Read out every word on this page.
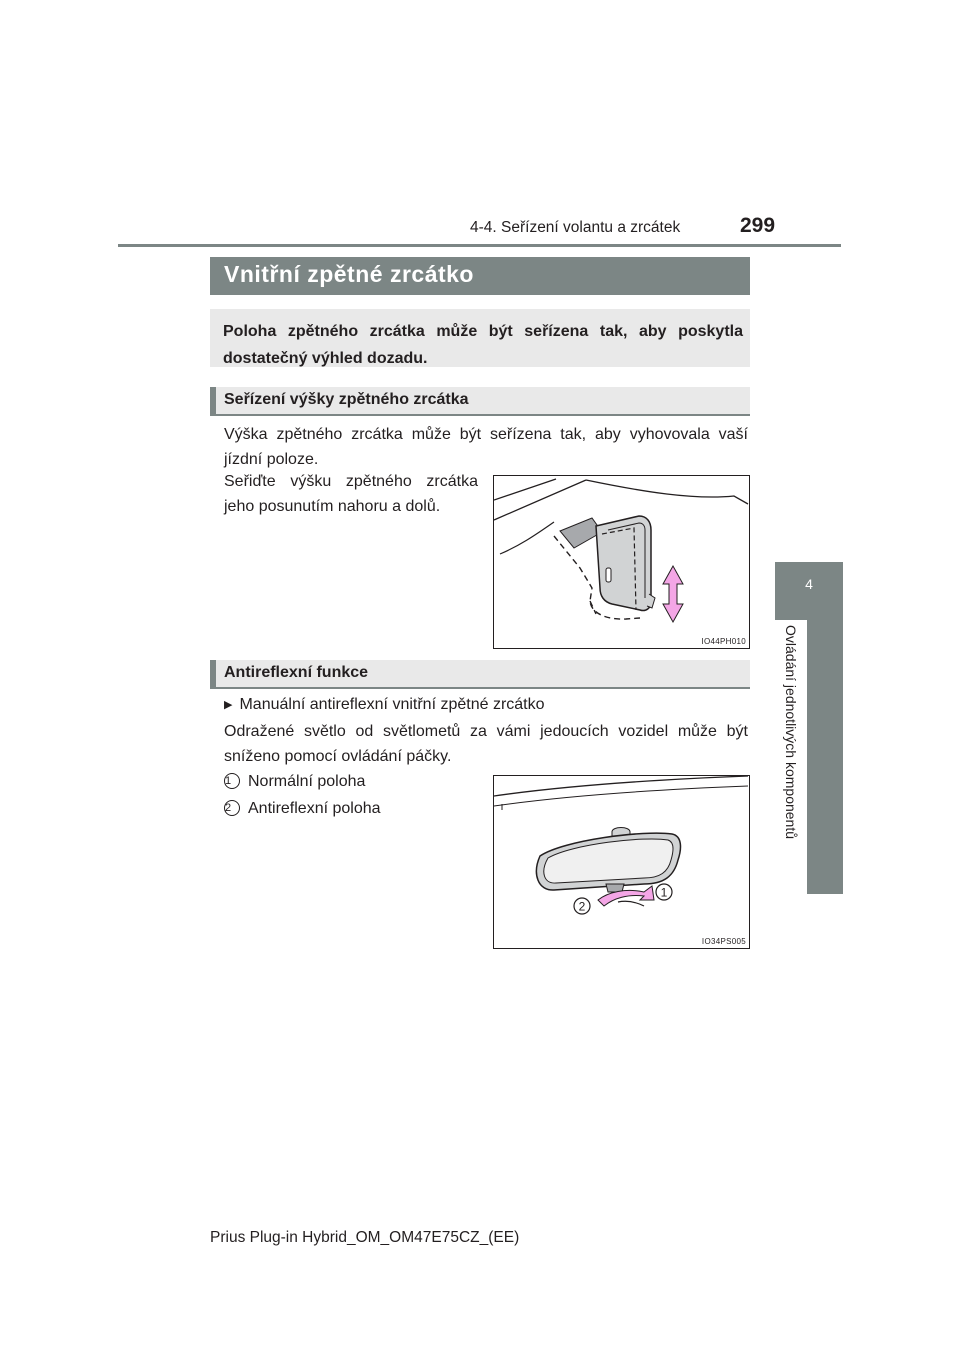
4-4. Seřízení volantu a zrcátek	299
4
Ovládání jednotlivých komponentů
Vnitřní zpětné zrcátko
Poloha zpětného zrcátka může být seřízena tak, aby poskytla dostatečný výhled dozadu.
Seřízení výšky zpětného zrcátka
Výška zpětného zrcátka může být seřízena tak, aby vyhovovala vaší jízdní poloze.
Seřiďte výšku zpětného zrcátka jeho posunutím nahoru a dolů.
IO44PH010
Antireflexní funkce
▶ Manuální antireflexní vnitřní zpětné zrcátko
Odražené světlo od světlometů za vámi jedoucích vozidel může být sníženo pomocí ovládání páčky.
1 Normální poloha
2 Antireflexní poloha
2
1
IO34PS005
Prius Plug-in Hybrid_OM_OM47E75CZ_(EE)
